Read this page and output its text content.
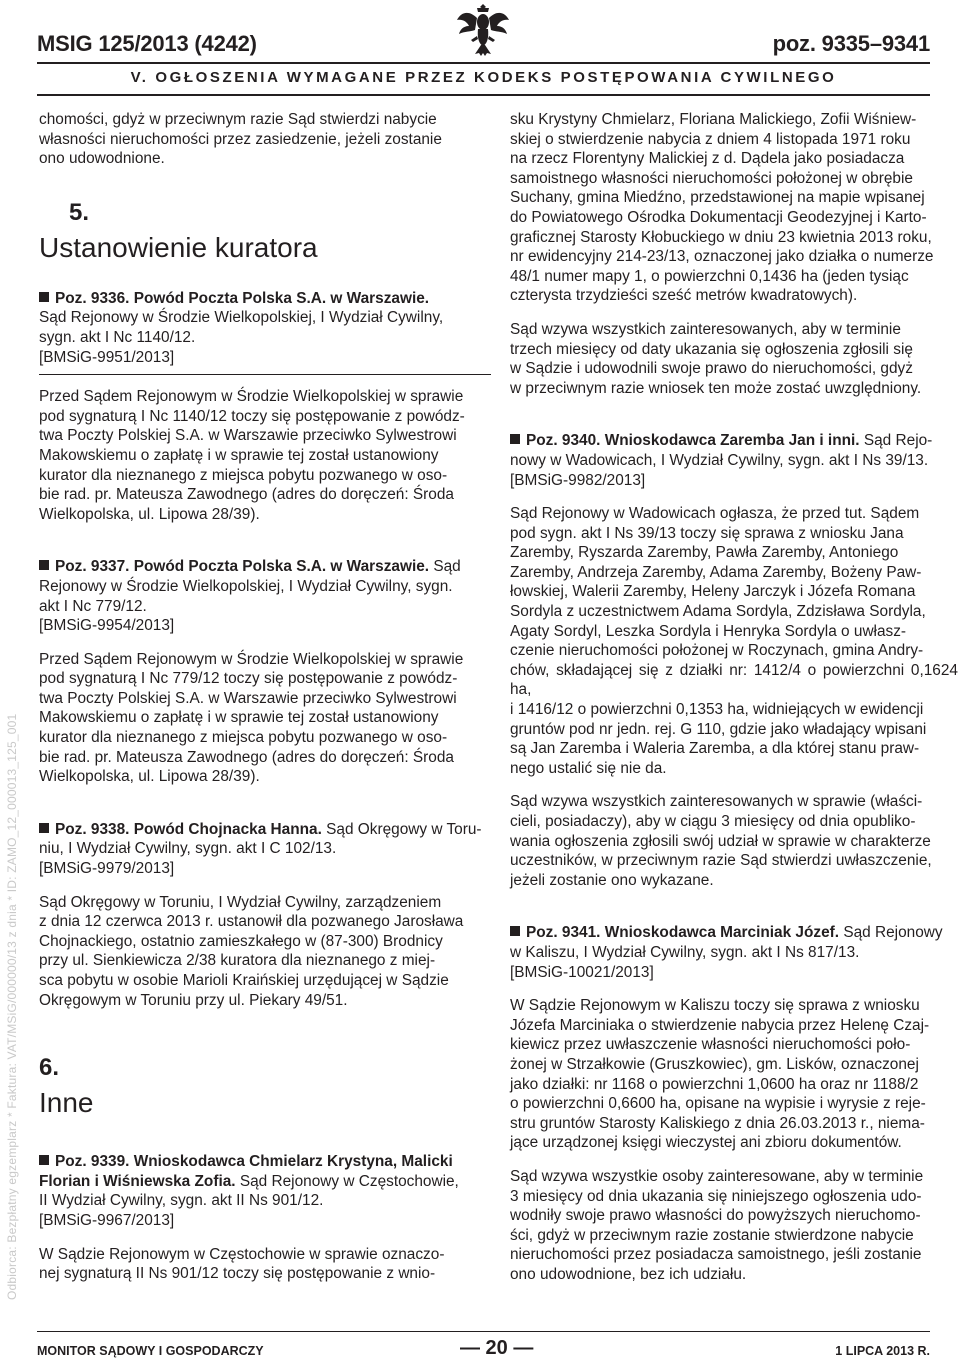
MSIG 125/2013 (4242)	poz. 9335–9341
V. OGŁOSZENIA WYMAGANE PRZEZ KODEKS POSTĘPOWANIA CYWILNEGO
Odbiorca: Bezpłatny egzemplarz * Faktura: VAT/MSiG/000000/13 z dnia * ID: ZAMO_12_000013_125_001

chomości, gdyż w przeciwnym razie Sąd stwierdzi nabycie
własności nieruchomości przez zasiedzenie, jeżeli zostanie
ono udowodnione.

5.

Ustanowienie kuratora

Poz. 9336. Powód Poczta Polska S.A. w Warszawie.
Sąd Rejonowy w Środzie Wielkopolskiej, I Wydział Cywilny,
sygn. akt I Nc 1140/12.
[BMSiG-9951/2013]

Przed Sądem Rejonowym w Środzie Wielkopolskiej w sprawie
pod sygnaturą I Nc 1140/12 toczy się postępowanie z powódz-
twa Poczty Polskiej S.A. w Warszawie przeciwko Sylwestrowi
Makowskiemu o zapłatę i w sprawie tej został ustanowiony
kurator dla nieznanego z miejsca pobytu pozwanego w oso-
bie rad. pr. Mateusza Zawodnego (adres do doręczeń: Środa
Wielkopolska, ul. Lipowa 28/39).

Poz. 9337. Powód Poczta Polska S.A. w Warszawie. Sąd
Rejonowy w Środzie Wielkopolskiej, I Wydział Cywilny, sygn.
akt I Nc 779/12.
[BMSiG-9954/2013]

Przed Sądem Rejonowym w Środzie Wielkopolskiej w sprawie
pod sygnaturą I Nc 779/12 toczy się postępowanie z powódz-
twa Poczty Polskiej S.A. w Warszawie przeciwko Sylwestrowi
Makowskiemu o zapłatę i w sprawie tej został ustanowiony
kurator dla nieznanego z miejsca pobytu pozwanego w oso-
bie rad. pr. Mateusza Zawodnego (adres do doręczeń: Środa
Wielkopolska, ul. Lipowa 28/39).

Poz. 9338. Powód Chojnacka Hanna. Sąd Okręgowy w Toru-
niu, I Wydział Cywilny, sygn. akt I C 102/13.
[BMSiG-9979/2013]

Sąd Okręgowy w Toruniu, I Wydział Cywilny, zarządzeniem
z dnia 12 czerwca 2013 r. ustanowił dla pozwanego Jarosława
Chojnackiego, ostatnio zamieszkałego w (87-300) Brodnicy
przy ul. Sienkiewicza 2/38 kuratora dla nieznanego z miej-
sca pobytu w osobie Marioli Kraińskiej urzędującej w Sądzie
Okręgowym w Toruniu przy ul. Piekary 49/51.

6.

Inne

Poz. 9339. Wnioskodawca Chmielarz Krystyna, Malicki
Florian i Wiśniewska Zofia. Sąd Rejonowy w Częstochowie,
II Wydział Cywilny, sygn. akt II Ns 901/12.
[BMSiG-9967/2013]

W Sądzie Rejonowym w Częstochowie w sprawie oznaczo-
nej sygnaturą II Ns 901/12 toczy się postępowanie z wnio-

sku Krystyny Chmielarz, Floriana Malickiego, Zofii Wiśniew-
skiej o stwierdzenie nabycia z dniem 4 listopada 1971 roku
na rzecz Florentyny Malickiej z d. Dądela jako posiadacza
samoistnego własności nieruchomości położonej w obrębie
Suchany, gmina Miedźno, przedstawionej na mapie wpisanej
do Powiatowego Ośrodka Dokumentacji Geodezyjnej i Karto-
graficznej Starosty Kłobuckiego w dniu 23 kwietnia 2013 roku,
nr ewidencyjny 214-23/13, oznaczonej jako działka o numerze
48/1 numer mapy 1, o powierzchni 0,1436 ha (jeden tysiąc
czterysta trzydzieści sześć metrów kwadratowych).

Sąd wzywa wszystkich zainteresowanych, aby w terminie
trzech miesięcy od daty ukazania się ogłoszenia zgłosili się
w Sądzie i udowodnili swoje prawo do nieruchomości, gdyż
w przeciwnym razie wniosek ten może zostać uwzględniony.

Poz. 9340. Wnioskodawca Zaremba Jan i inni. Sąd Rejo-
nowy w Wadowicach, I Wydział Cywilny, sygn. akt I Ns 39/13.
[BMSiG-9982/2013]

Sąd Rejonowy w Wadowicach ogłasza, że przed tut. Sądem
pod sygn. akt I Ns 39/13 toczy się sprawa z wniosku Jana
Zaremby, Ryszarda Zaremby, Pawła Zaremby, Antoniego
Zaremby, Andrzeja Zaremby, Adama Zaremby, Bożeny Paw-
łowskiej, Walerii Zaremby, Heleny Jarczyk i Józefa Romana
Sordyla z uczestnictwem Adama Sordyla, Zdzisława Sordyla,
Agaty Sordyl, Leszka Sordyla i Henryka Sordyla o uwłasz-
czenie nieruchomości położonej w Roczynach, gmina Andry-
chów, składającej się z działki nr: 1412/4 o powierzchni 0,1624 ha,
i 1416/12 o powierzchni 0,1353 ha, widniejących w ewidencji
gruntów pod nr jedn. rej. G 110, gdzie jako władający wpisani
są Jan Zaremba i Waleria Zaremba, a dla której stanu praw-
nego ustalić się nie da.

Sąd wzywa wszystkich zainteresowanych w sprawie (właści-
cieli, posiadaczy), aby w ciągu 3 miesięcy od dnia opubliko-
wania ogłoszenia zgłosili swój udział w sprawie w charakterze
uczestników, w przeciwnym razie Sąd stwierdzi uwłaszczenie,
jeżeli zostanie ono wykazane.

Poz. 9341. Wnioskodawca Marciniak Józef. Sąd Rejonowy
w Kaliszu, I Wydział Cywilny, sygn. akt I Ns 817/13.
[BMSiG-10021/2013]

W Sądzie Rejonowym w Kaliszu toczy się sprawa z wniosku
Józefa Marciniaka o stwierdzenie nabycia przez Helenę Czaj-
kiewicz przez uwłaszczenie własności nieruchomości poło-
żonej w Strzałkowie (Gruszkowiec), gm. Lisków, oznaczonej
jako działki: nr 1168 o powierzchni 1,0600 ha oraz nr 1188/2
o powierzchni 0,6600 ha, opisane na wypisie i wyrysie z reje-
stru gruntów Starosty Kaliskiego z dnia 26.03.2013 r., niema-
jące urządzonej księgi wieczystej ani zbioru dokumentów.

Sąd wzywa wszystkie osoby zainteresowane, aby w terminie
3 miesięcy od dnia ukazania się niniejszego ogłoszenia udo-
wodniły swoje prawo własności do powyższych nieruchomo-
ści, gdyż w przeciwnym razie zostanie stwierdzone nabycie
nieruchomości przez posiadacza samoistnego, jeśli zostanie
ono udowodnione, bez ich udziału.

MONITOR SĄDOWY I GOSPODARCZY	— 20 —	1 LIPCA 2013 R.
